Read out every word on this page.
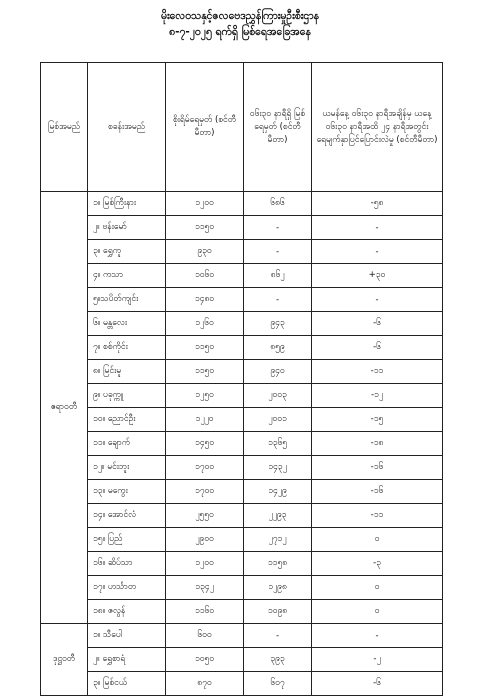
မိုးလေဝသနှင့်ဇလဗေဒညွှန်ကြားမှုဦးစီးဌာန
၈-၇-၂၀၂၅ ရက်ရှိ မြစ်ရေအခြေအနေ
မြစ်အမည်	စခန်းအမည်	စိုးရိမ်ရေမှတ် (စင်တီမီတာ)	၀၆း၃၀ နာရီရှိ မြစ်ရေမှတ် (စင်တီမီတာ)	ယမန်နေ့ ၀၆း၃၀ နာရီအချိန်မှ ယနေ့ ၀၆း၃၀ နာရီအထိ ၂၄ နာရီအတွင်း ရေမျက်နှာပြင်ပြောင်းလဲမှု (စင်တီမီတာ)
ဧရာဝတီ	၁။ မြစ်ကြီးနား	၁၂၀၀	၆၈၆	-၅၈
	၂။ ဗန်းမော်	၁၁၅၀	-	-
	၃။ ရွှေကူ	၉၃၀	-	-
	၄။ ကသာ	၁၀၆၀	၈၆၂	+၃၀
	၅။သပိတ်ကျင်း	၁၄၈၀	-	-
	၆။ မန္တလေး	၁၂၆၀	၉၄၃	-၆
	၇။ စစ်ကိုင်း	၁၁၅၀	၈၅၉	-၆
	၈။ မြင်းမူ	၁၁၅၀	၉၄၀	-၁၁
	၉။ ပခုက္ကူ	၁၂၅၀	၂၀၀၃	-၁၂
	၁၀။ ညောင်ဦး	၁၂၂၀	၂၀၀၁	-၁၅
	၁၁။ ချောက်	၁၄၅၀	၁၃၆၅	-၁၈
	၁၂။ မင်းဘူး	၁၇၀၀	၁၄၃၂	-၁၆
	၁၃။ မကွေး	၁၇၀၀	၁၄၂၉	-၁၆
	၁၄။ အောင်လံ	၂၅၅၀	၂၂၉၃	-၁၁
	၁၅။ ပြည်	၂၉၀၀	၂၇၁၂	၀
	၁၆။ ဆိပ်သာ	၁၂၀၀	၁၁၅၈	-၃
	၁၇။ ဟင်္သာတ	၁၃၄၂	၁၂၉၈	၀
	၁၈။ ဇလွန်	၁၁၆၀	၁၀၉၈	၀
ဒုဋ္ဌဝတီ	၁။ သီပေါ	၆၀၀	-	-
	၂။ ရွှေစာရံ	၁၀၅၀	၃၉၃	-၂
	၃။ မြစ်ငယ်	၈၇၀	၆၀၇	-၆
